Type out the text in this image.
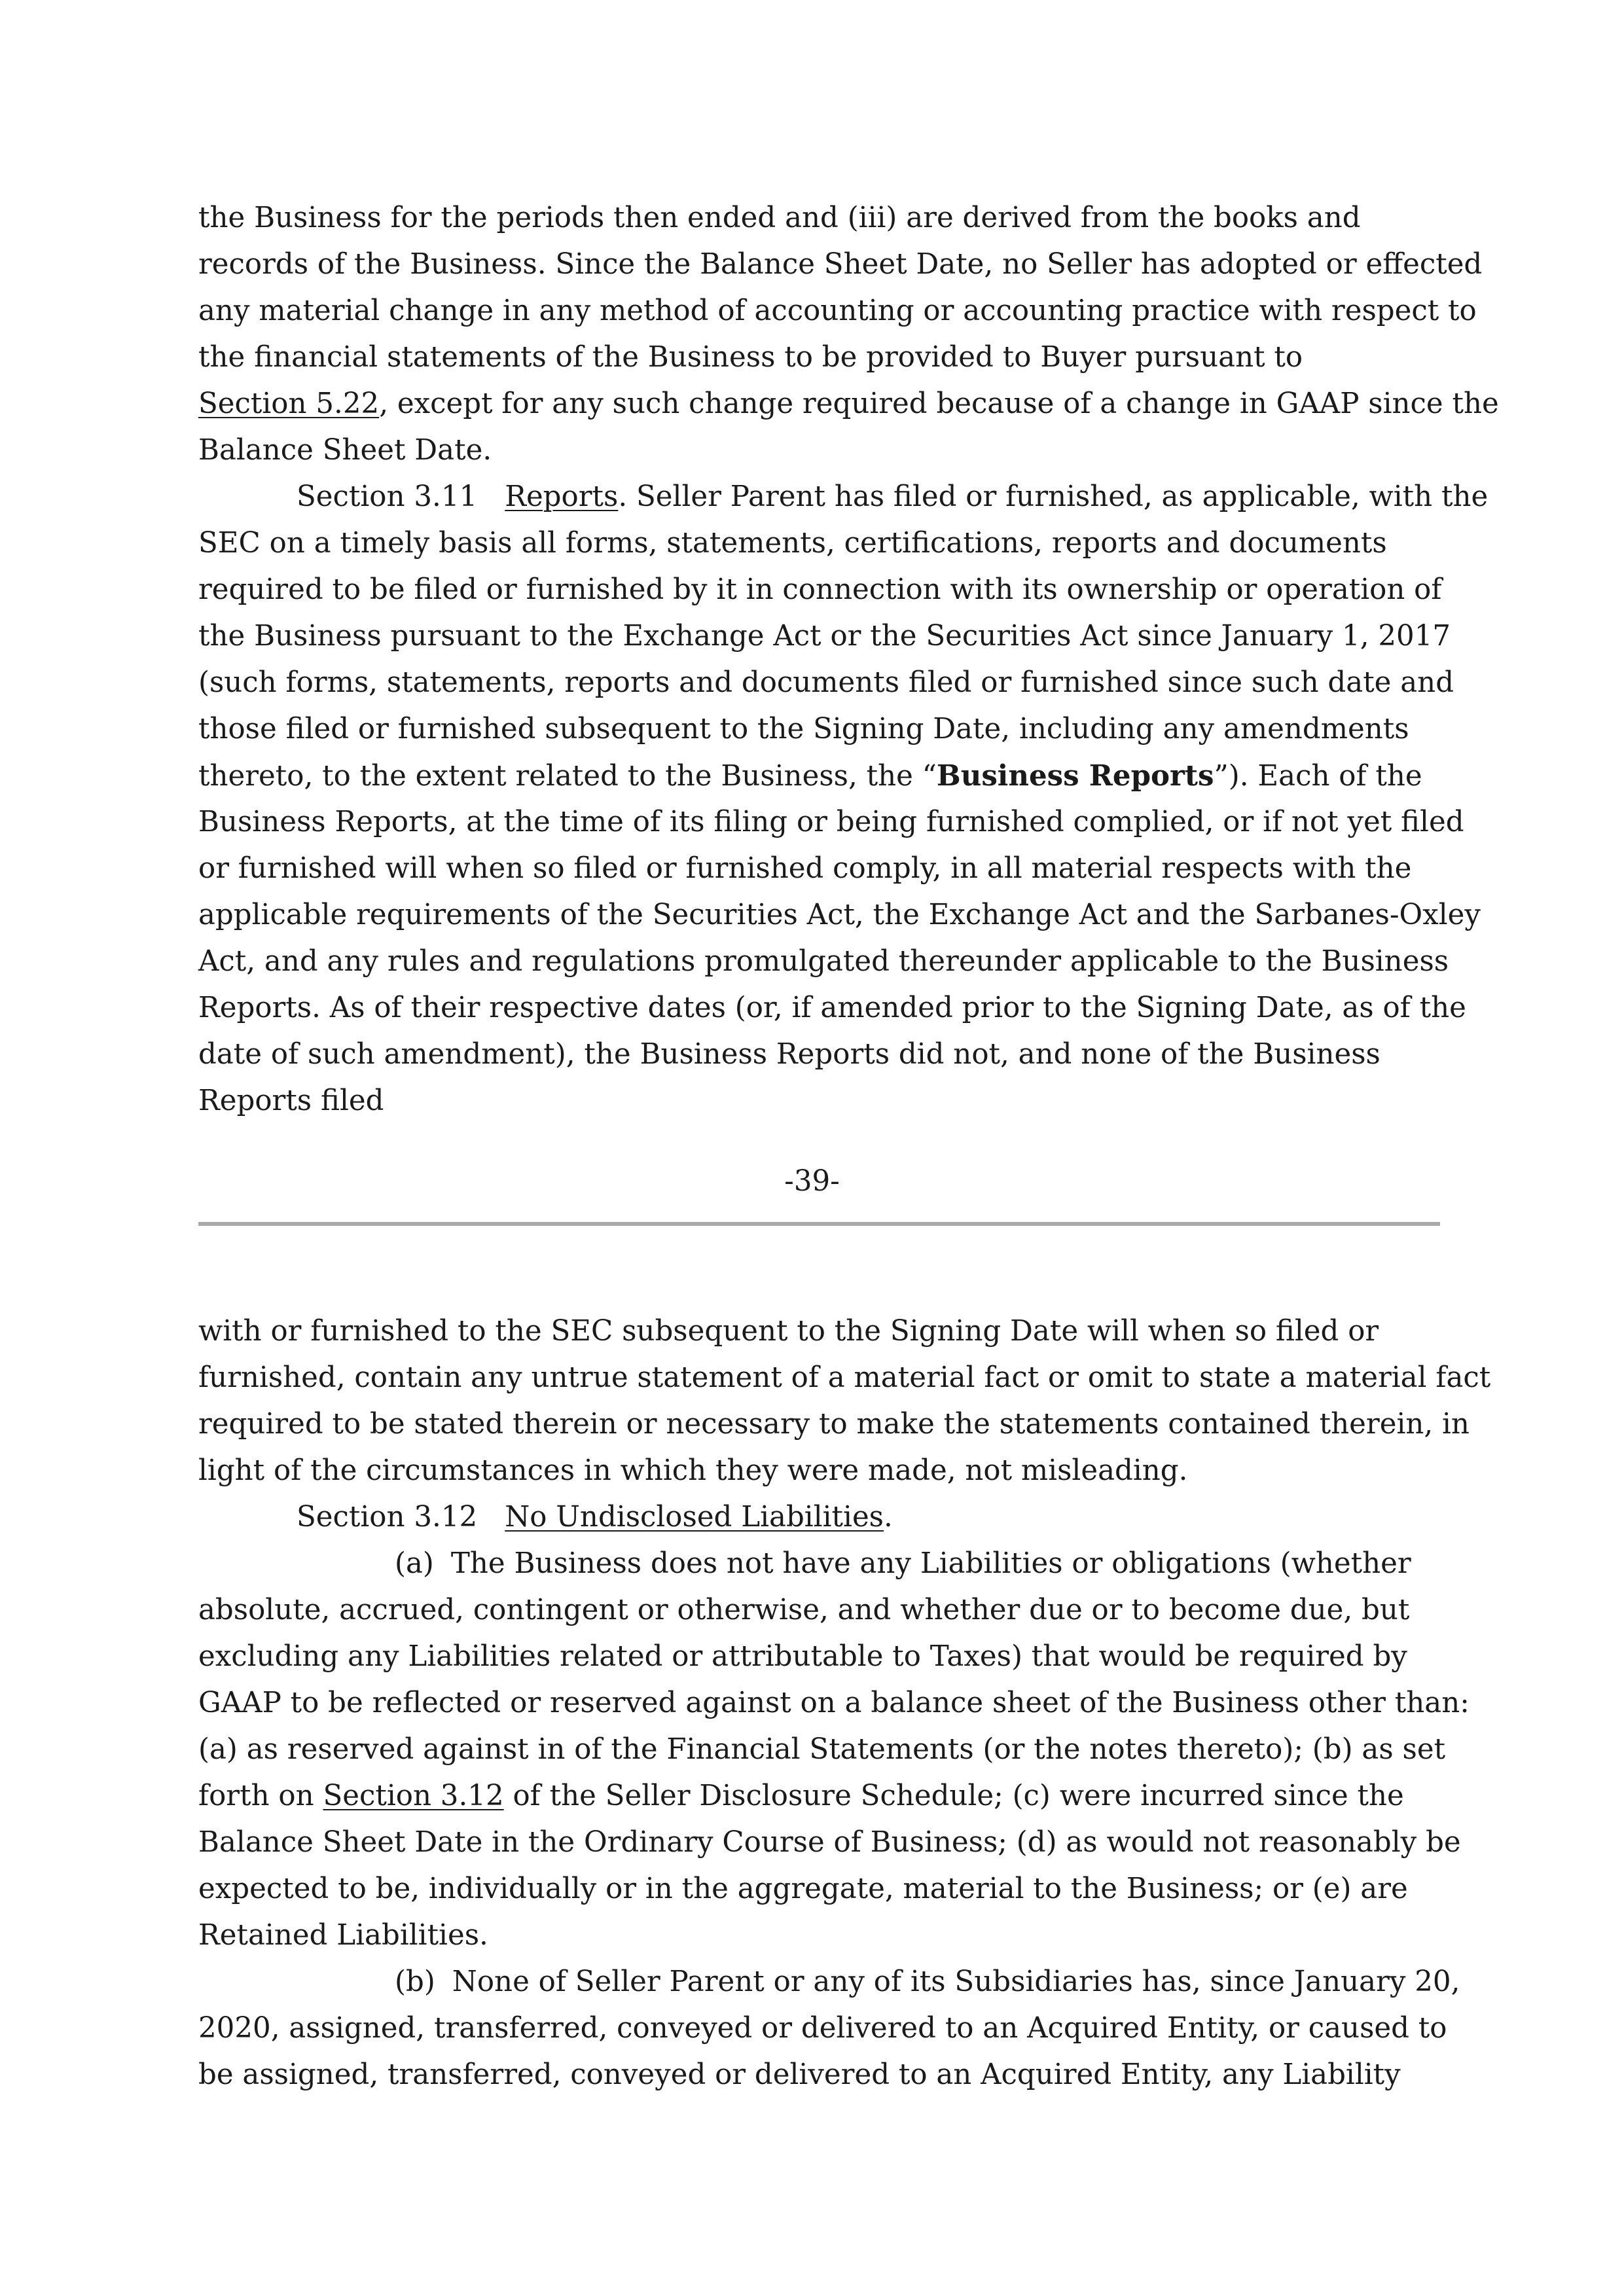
the Business for the periods then ended and (iii) are derived from the books and
records of the Business. Since the Balance Sheet Date, no Seller has adopted or effected
any material change in any method of accounting or accounting practice with respect to
the financial statements of the Business to be provided to Buyer pursuant to
Section 5.22, except for any such change required because of a change in GAAP since the
Balance Sheet Date.
Section 3.11 Reports. Seller Parent has filed or furnished, as applicable, with the
SEC on a timely basis all forms, statements, certifications, reports and documents
required to be filed or furnished by it in connection with its ownership or operation of
the Business pursuant to the Exchange Act or the Securities Act since January 1, 2017
(such forms, statements, reports and documents filed or furnished since such date and
those filed or furnished subsequent to the Signing Date, including any amendments
thereto, to the extent related to the Business, the “Business Reports”). Each of the
Business Reports, at the time of its filing or being furnished complied, or if not yet filed
or furnished will when so filed or furnished comply, in all material respects with the
applicable requirements of the Securities Act, the Exchange Act and the Sarbanes-Oxley
Act, and any rules and regulations promulgated thereunder applicable to the Business
Reports. As of their respective dates (or, if amended prior to the Signing Date, as of the
date of such amendment), the Business Reports did not, and none of the Business
Reports filed
-39-
with or furnished to the SEC subsequent to the Signing Date will when so filed or
furnished, contain any untrue statement of a material fact or omit to state a material fact
required to be stated therein or necessary to make the statements contained therein, in
light of the circumstances in which they were made, not misleading.
Section 3.12 No Undisclosed Liabilities.
(a) The Business does not have any Liabilities or obligations (whether
absolute, accrued, contingent or otherwise, and whether due or to become due, but
excluding any Liabilities related or attributable to Taxes) that would be required by
GAAP to be reflected or reserved against on a balance sheet of the Business other than:
(a) as reserved against in of the Financial Statements (or the notes thereto); (b) as set
forth on Section 3.12 of the Seller Disclosure Schedule; (c) were incurred since the
Balance Sheet Date in the Ordinary Course of Business; (d) as would not reasonably be
expected to be, individually or in the aggregate, material to the Business; or (e) are
Retained Liabilities.
(b) None of Seller Parent or any of its Subsidiaries has, since January 20,
2020, assigned, transferred, conveyed or delivered to an Acquired Entity, or caused to
be assigned, transferred, conveyed or delivered to an Acquired Entity, any Liability
